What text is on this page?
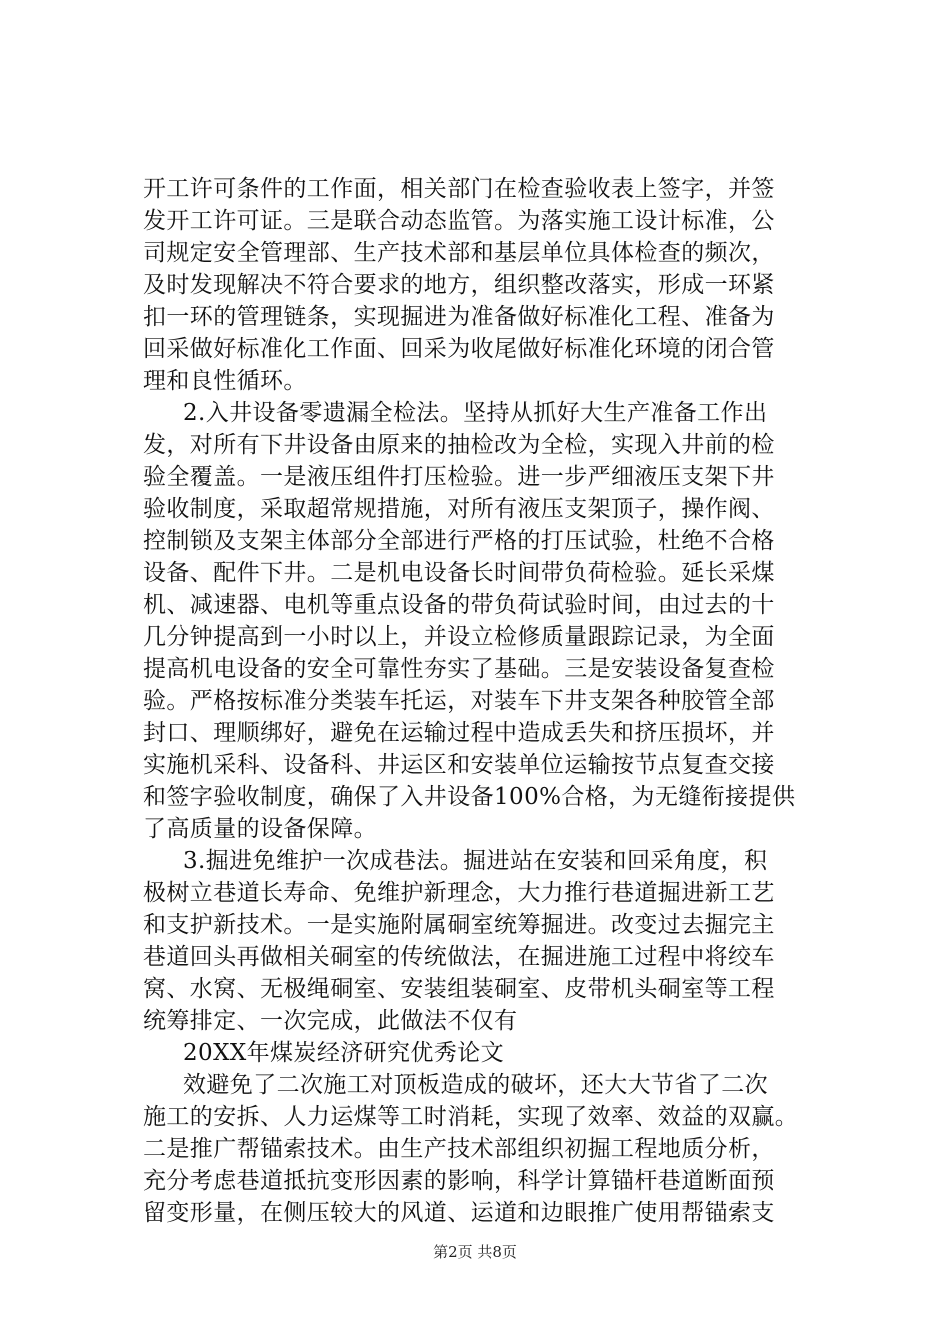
开工许可条件的工作面，相关部门在检查验收表上签字，并签
发开工许可证。三是联合动态监管。为落实施工设计标准，公
司规定安全管理部、生产技术部和基层单位具体检查的频次，
及时发现解决不符合要求的地方，组织整改落实，形成一环紧
扣一环的管理链条，实现掘进为准备做好标准化工程、准备为
回采做好标准化工作面、回采为收尾做好标准化环境的闭合管
理和良性循环。
2.入井设备零遗漏全检法。坚持从抓好大生产准备工作出
发，对所有下井设备由原来的抽检改为全检，实现入井前的检
验全覆盖。一是液压组件打压检验。进一步严细液压支架下井
验收制度，采取超常规措施，对所有液压支架顶子，操作阀、
控制锁及支架主体部分全部进行严格的打压试验，杜绝不合格
设备、配件下井。二是机电设备长时间带负荷检验。延长采煤
机、减速器、电机等重点设备的带负荷试验时间，由过去的十
几分钟提高到一小时以上，并设立检修质量跟踪记录，为全面
提高机电设备的安全可靠性夯实了基础。三是安装设备复查检
验。严格按标准分类装车托运，对装车下井支架各种胶管全部
封口、理顺绑好，避免在运输过程中造成丢失和挤压损坏，并
实施机采科、设备科、井运区和安装单位运输按节点复查交接
和签字验收制度，确保了入井设备100%合格，为无缝衔接提供
了高质量的设备保障。
3.掘进免维护一次成巷法。掘进站在安装和回采角度，积
极树立巷道长寿命、免维护新理念，大力推行巷道掘进新工艺
和支护新技术。一是实施附属硐室统筹掘进。改变过去掘完主
巷道回头再做相关硐室的传统做法，在掘进施工过程中将绞车
窝、水窝、无极绳硐室、安装组装硐室、皮带机头硐室等工程
统筹排定、一次完成，此做法不仅有
20XX年煤炭经济研究优秀论文
效避免了二次施工对顶板造成的破坏，还大大节省了二次
施工的安拆、人力运煤等工时消耗，实现了效率、效益的双赢。
二是推广帮锚索技术。由生产技术部组织初掘工程地质分析，
充分考虑巷道抵抗变形因素的影响，科学计算锚杆巷道断面预
留变形量，在侧压较大的风道、运道和边眼推广使用帮锚索支
第2页 共8页
